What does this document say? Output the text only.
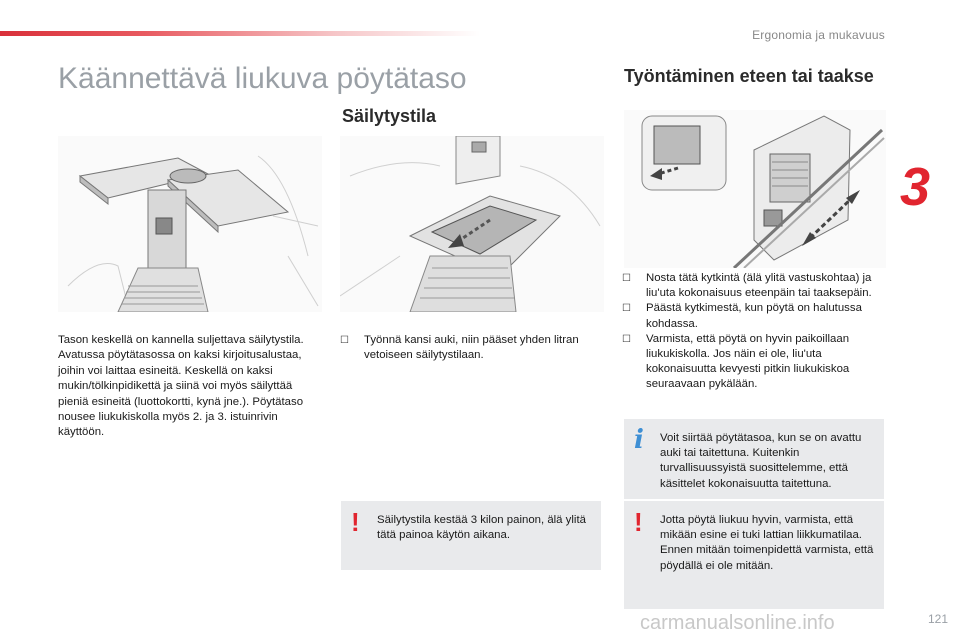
Ergonomia ja mukavuus
3
Käännettävä liukuva pöytätaso

Tason keskellä on kannella suljettava säilytystila. Avatussa pöytätasossa on kaksi kirjoitusalustaa, joihin voi laittaa esineitä. Keskellä on kaksi mukin/tölkinpidikettä ja siinä voi myös säilyttää pieniä esineitä (luottokortti, kynä jne.). Pöytätaso nousee liukukiskolla myös 2. ja 3. istuinrivin käyttöön.

Säilytystila
☐ Työnnä kansi auki, niin pääset yhden litran vetoiseen säilytystilaan.
! Säilytystila kestää 3 kilon painon, älä ylitä tätä painoa käytön aikana.
Työntäminen eteen tai taakse
☐ Nosta tätä kytkintä (älä ylitä vastuskohtaa) ja liu'uta kokonaisuus eteenpäin tai taaksepäin.
☐ Päästä kytkimestä, kun pöytä on halutussa kohdassa.
☐ Varmista, että pöytä on hyvin paikoillaan liukukiskolla. Jos näin ei ole, liu'uta kokonaisuutta kevyesti pitkin liukukiskoa seuraavaan pykälään.
i Voit siirtää pöytätasoa, kun se on avattu auki tai taitettuna. Kuitenkin turvallisuussyistä suosittelemme, että käsittelet kokonaisuutta taitettuna.
! Jotta pöytä liukuu hyvin, varmista, että mikään esine ei tuki lattian liikkumatilaa. Ennen mitään toimenpidettä varmista, että pöydällä ei ole mitään.
carmanualsonline.info	121
